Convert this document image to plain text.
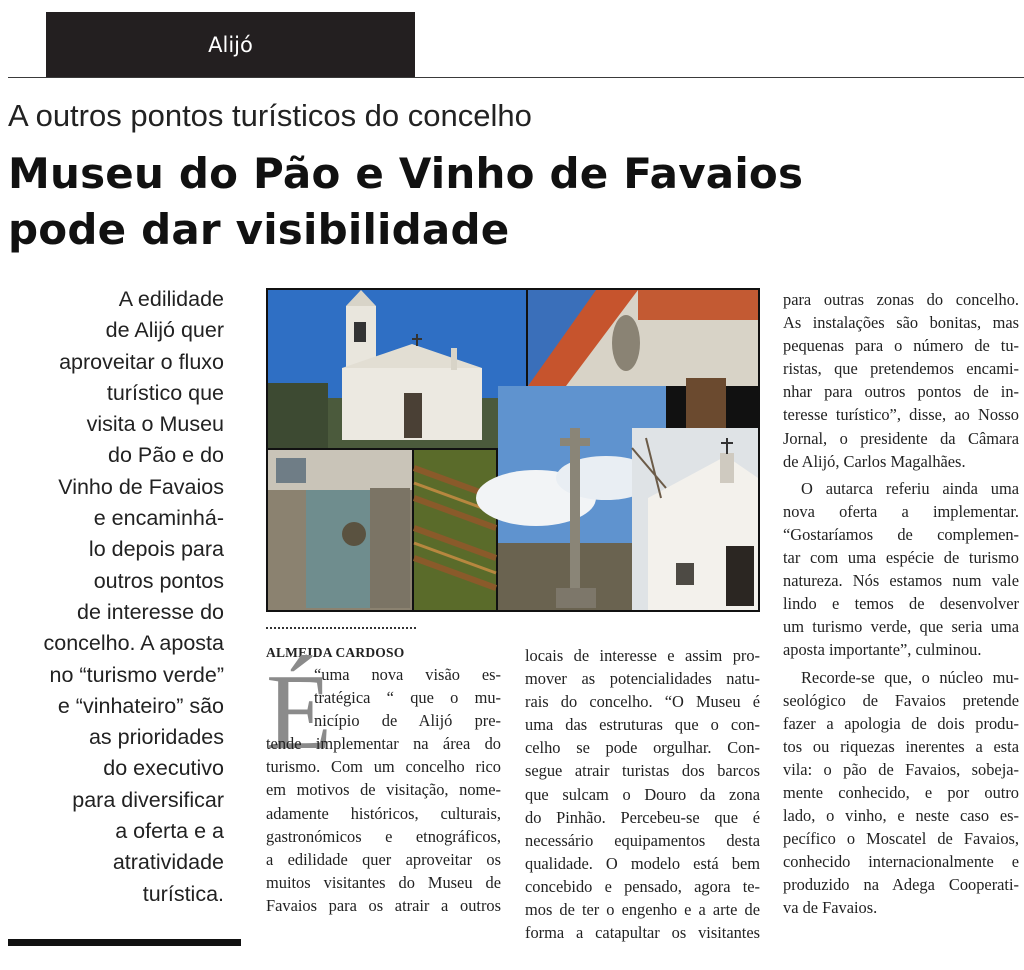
Alijó
A outros pontos turísticos do concelho
Museu do Pão e Vinho de Favaios
pode dar visibilidade

A edilidade
de Alijó quer
aproveitar o fluxo
turístico que
visita o Museu
do Pão e do
Vinho de Favaios
e encaminhá-
lo depois para
outros pontos
de interesse do
concelho. A aposta
no “turismo verde”
e “vinhateiro” são
as prioridades
do executivo
para diversificar
a oferta e a
atratividade
turística.

ALMEIDA CARDOSO
É
“uma nova visão es-
tratégica “ que o mu-
nicípio de Alijó pre-
tende implementar na área do
turismo. Com um concelho rico
em motivos de visitação, nome-
adamente históricos, culturais,
gastronómicos e etnográficos,
a edilidade quer aproveitar os
muitos visitantes do Museu de
Favaios para os atrair a outros
locais de interesse e assim pro-
mover as potencialidades natu-
rais do concelho. “O Museu é
uma das estruturas que o con-
celho se pode orgulhar. Con-
segue atrair turistas dos barcos
que sulcam o Douro da zona
do Pinhão. Percebeu-se que é
necessário equipamentos desta
qualidade. O modelo está bem
concebido e pensado, agora te-
mos de ter o engenho e a arte de
forma a catapultar os visitantes

para outras zonas do concelho.
As instalações são bonitas, mas
pequenas para o número de tu-
ristas, que pretendemos encami-
nhar para outros pontos de in-
teresse turístico”, disse, ao Nosso
Jornal, o presidente da Câmara
de Alijó, Carlos Magalhães.

O autarca referiu ainda uma
nova oferta a implementar.
“Gostaríamos de complemen-
tar com uma espécie de turismo
natureza. Nós estamos num vale
lindo e temos de desenvolver
um turismo verde, que seria uma
aposta importante”, culminou.

Recorde-se que, o núcleo mu-
seológico de Favaios pretende
fazer a apologia de dois produ-
tos ou riquezas inerentes a esta
vila: o pão de Favaios, sobeja-
mente conhecido, e por outro
lado, o vinho, e neste caso es-
pecífico o Moscatel de Favaios,
conhecido internacionalmente e
produzido na Adega Cooperati-
va de Favaios.
